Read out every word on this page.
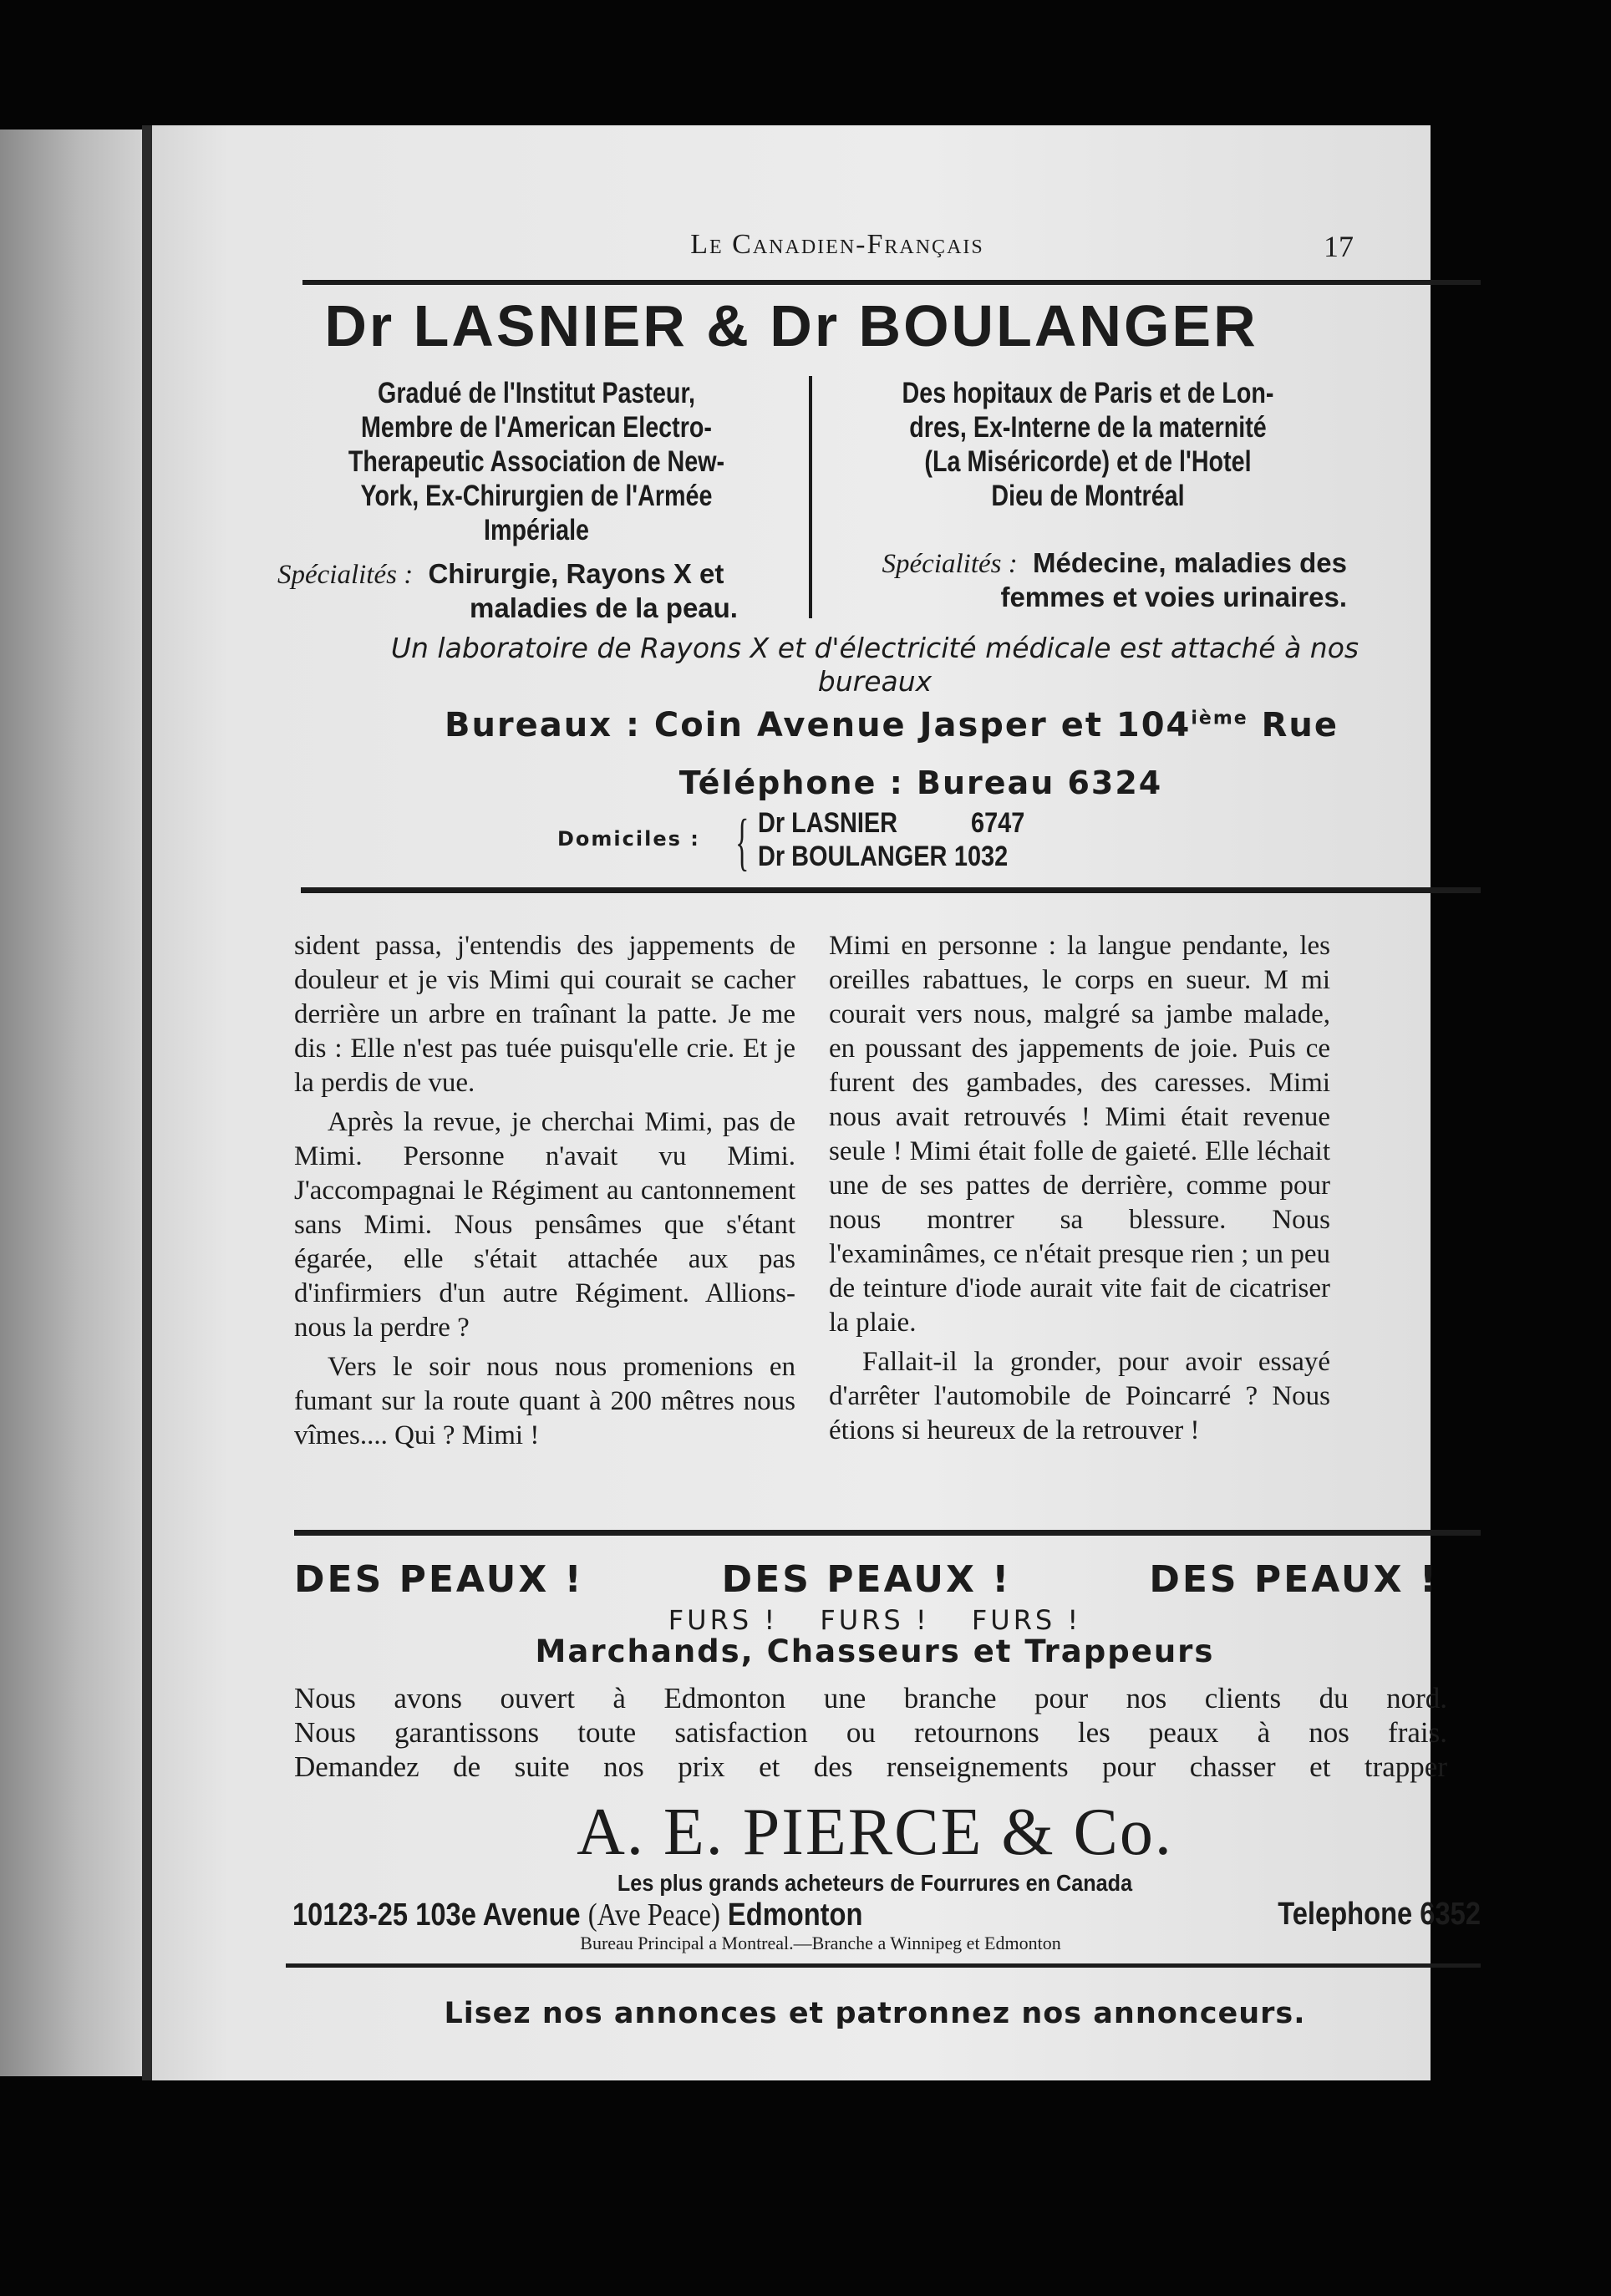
Le Canadien-Français	17
Dr LASNIER & Dr BOULANGER
Gradué de l'Institut Pasteur,
Membre de l'American Electro-
Therapeutic Association de New-
York, Ex-Chirurgien de l'Armée
Impériale
Spécialités : Chirurgie, Rayons X et
maladies de la peau.
Des hopitaux de Paris et de Lon-
dres, Ex-Interne de la maternité
(La Miséricorde) et de l'Hotel
Dieu de Montréal
Spécialités : Médecine, maladies des
femmes et voies urinaires.
Un laboratoire de Rayons X et d'électricité médicale est attaché à nos
bureaux
Bureaux : Coin Avenue Jasper et 104ième Rue
Téléphone : Bureau 6324
Domiciles : { Dr LASNIER	6747
Dr BOULANGER 1032

sident passa, j'entendis des jappements de douleur et je vis Mimi qui courait se cacher derrière un arbre en traînant la patte. Je me dis : Elle n'est pas tuée puisqu'elle crie. Et je la perdis de vue.

Après la revue, je cherchai Mimi, pas de Mimi. Personne n'avait vu Mimi. J'accompagnai le Régiment au cantonnement sans Mimi. Nous pensâmes que s'étant égarée, elle s'était attachée aux pas d'infirmiers d'un autre Régiment. Allions-nous la perdre ?

Vers le soir nous nous promenions en fumant sur la route quant à 200 mêtres nous vîmes.... Qui ? Mimi !

Mimi en personne : la langue pendante, les oreilles rabattues, le corps en sueur. M mi courait vers nous, malgré sa jambe malade, en poussant des jappements de joie. Puis ce furent des gambades, des caresses. Mimi nous avait retrouvés ! Mimi était revenue seule ! Mimi était folle de gaieté. Elle léchait une de ses pattes de derrière, comme pour nous montrer sa blessure. Nous l'examinâmes, ce n'était presque rien ; un peu de teinture d'iode aurait vite fait de cicatriser la plaie.

Fallait-il la gronder, pour avoir essayé d'arrêter l'automobile de Poincarré ? Nous étions si heureux de la retrouver !

DES PEAUX !	DES PEAUX !	DES PEAUX !
FURS ! FURS ! FURS !
Marchands, Chasseurs et Trappeurs
Nous avons ouvert à Edmonton une branche pour nos clients du nord.
Nous garantissons toute satisfaction ou retournons les peaux à nos frais.
Demandez de suite nos prix et des renseignements pour chasser et trapper
A. E. PIERCE & Co.
Les plus grands acheteurs de Fourrures en Canada
10123-25 103e Avenue (Ave Peace) Edmonton	Telephone 6352
Bureau Principal a Montreal.—Branche a Winnipeg et Edmonton
Lisez nos annonces et patronnez nos annonceurs.
